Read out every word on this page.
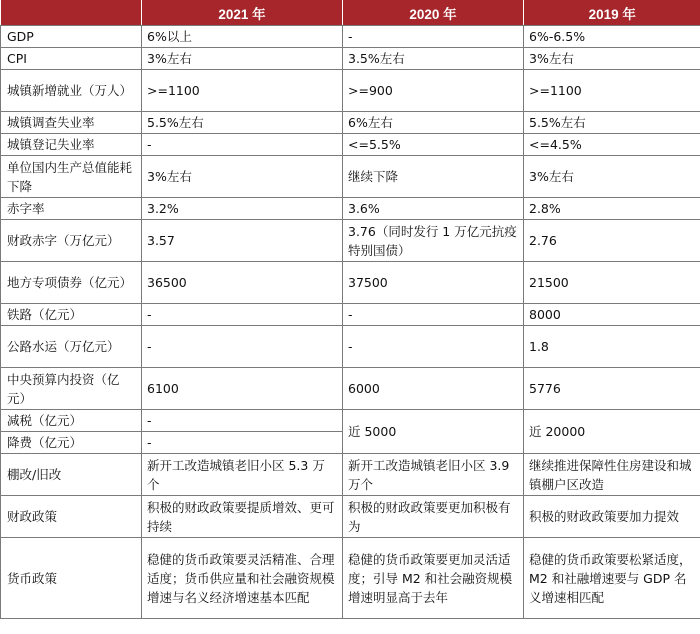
	2021 年	2020 年	2019 年
GDP	6%以上	-	6%-6.5%
CPI	3%左右	3.5%左右	3%左右
城镇新增就业（万人）	>=1100	>=900	>=1100
城镇调查失业率	5.5%左右	6%左右	5.5%左右
城镇登记失业率	-	<=5.5%	<=4.5%
单位国内生产总值能耗下降	3%左右	继续下降	3%左右
赤字率	3.2%	3.6%	2.8%
财政赤字（万亿元）	3.57	3.76（同时发行 1 万亿元抗疫特别国债）	2.76
地方专项债券（亿元）	36500	37500	21500
铁路（亿元）	-	-	8000
公路水运（万亿元）	-	-	1.8
中央预算内投资（亿元）	6100	6000	5776
减税（亿元）	-	近 5000	近 20000
降费（亿元）	-		
棚改/旧改	新开工改造城镇老旧小区 5.3 万个	新开工改造城镇老旧小区 3.9 万个	继续推进保障性住房建设和城镇棚户区改造
财政政策	积极的财政政策要提质增效、更可持续	积极的财政政策要更加积极有为	积极的财政政策要加力提效
货币政策	稳健的货币政策要灵活精准、合理适度；货币供应量和社会融资规模增速与名义经济增速基本匹配	稳健的货币政策要更加灵活适度；引导 M2 和社会融资规模增速明显高于去年	稳健的货币政策要松紧适度，M2 和社融增速要与 GDP 名义增速相匹配
